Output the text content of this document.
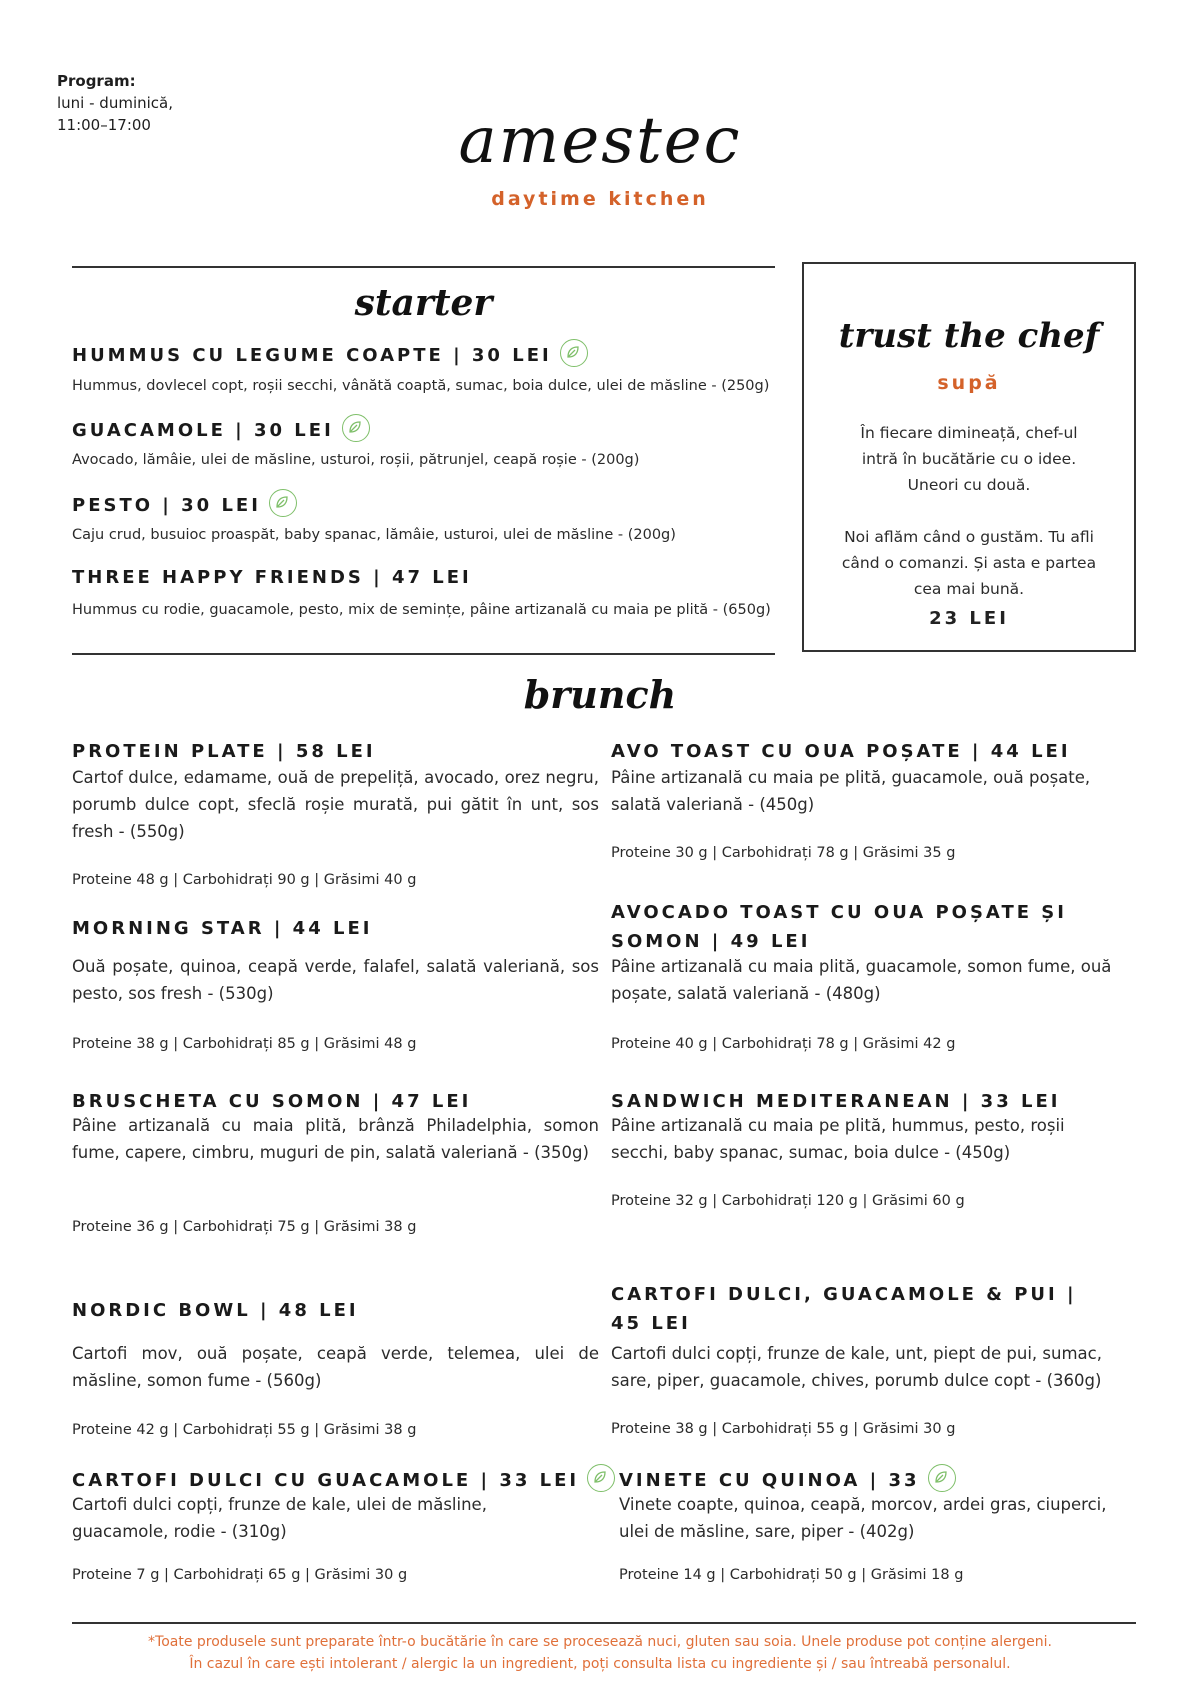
Program:
luni - duminică,
11:00–17:00	amestec
daytime kitchen
starter
HUMMUS CU LEGUME COAPTE | 30 LEI
Hummus, dovlecel copt, roșii secchi, vânătă coaptă, sumac, boia dulce, ulei de măsline - (250g)
GUACAMOLE | 30 LEI
Avocado, lămâie, ulei de măsline, usturoi, roșii, pătrunjel, ceapă roșie - (200g)
PESTO | 30 LEI
Caju crud, busuioc proaspăt, baby spanac, lămâie, usturoi, ulei de măsline - (200g)
THREE HAPPY FRIENDS | 47 LEI
Hummus cu rodie, guacamole, pesto, mix de semințe, pâine artizanală cu maia pe plită - (650g)
trust the chef
supă
În fiecare dimineață, chef-ul
intră în bucătărie cu o idee.
Uneori cu două.
Noi aflăm când o gustăm. Tu afli
când o comanzi. Și asta e partea
cea mai bună.
23 LEI
brunch
PROTEIN PLATE | 58 LEI
Cartof dulce, edamame, ouă de prepeliță, avocado, orez negru, porumb dulce copt, sfeclă roșie murată, pui gătit în unt, sos fresh - (550g)
Proteine 48 g | Carbohidrați 90 g | Grăsimi 40 g
MORNING STAR | 44 LEI
Ouă poșate, quinoa, ceapă verde, falafel, salată valeriană, sos pesto, sos fresh - (530g)
Proteine 38 g | Carbohidrați 85 g | Grăsimi 48 g
BRUSCHETA CU SOMON | 47 LEI
Pâine artizanală cu maia plită, brânză Philadelphia, somon fume, capere, cimbru, muguri de pin, salată valeriană - (350g)
Proteine 36 g | Carbohidrați 75 g | Grăsimi 38 g
NORDIC BOWL | 48 LEI
Cartofi mov, ouă poșate, ceapă verde, telemea, ulei de măsline, somon fume - (560g)
Proteine 42 g | Carbohidrați 55 g | Grăsimi 38 g
CARTOFI DULCI CU GUACAMOLE | 33 LEI
Cartofi dulci copți, frunze de kale, ulei de măsline, guacamole, rodie - (310g)
Proteine 7 g | Carbohidrați 65 g | Grăsimi 30 g
AVO TOAST CU OUA POȘATE | 44 LEI
Pâine artizanală cu maia pe plită, guacamole, ouă poșate, salată valeriană - (450g)
Proteine 30 g | Carbohidrați 78 g | Grăsimi 35 g
AVOCADO TOAST CU OUA POȘATE ȘI SOMON | 49 LEI
Pâine artizanală cu maia plită, guacamole, somon fume, ouă poșate, salată valeriană - (480g)
Proteine 40 g | Carbohidrați 78 g | Grăsimi 42 g
SANDWICH MEDITERANEAN | 33 LEI
Pâine artizanală cu maia pe plită, hummus, pesto, roșii secchi, baby spanac, sumac, boia dulce - (450g)
Proteine 32 g | Carbohidrați 120 g | Grăsimi 60 g
CARTOFI DULCI, GUACAMOLE & PUI | 45 LEI
Cartofi dulci copți, frunze de kale, unt, piept de pui, sumac, sare, piper, guacamole, chives, porumb dulce copt - (360g)
Proteine 38 g | Carbohidrați 55 g | Grăsimi 30 g
VINETE CU QUINOA | 33
Vinete coapte, quinoa, ceapă, morcov, ardei gras, ciuperci, ulei de măsline, sare, piper - (402g)
Proteine 14 g | Carbohidrați 50 g | Grăsimi 18 g
*Toate produsele sunt preparate într-o bucătărie în care se procesează nuci, gluten sau soia. Unele produse pot conține alergeni.
În cazul în care ești intolerant / alergic la un ingredient, poți consulta lista cu ingrediente și / sau întreabă personalul.
